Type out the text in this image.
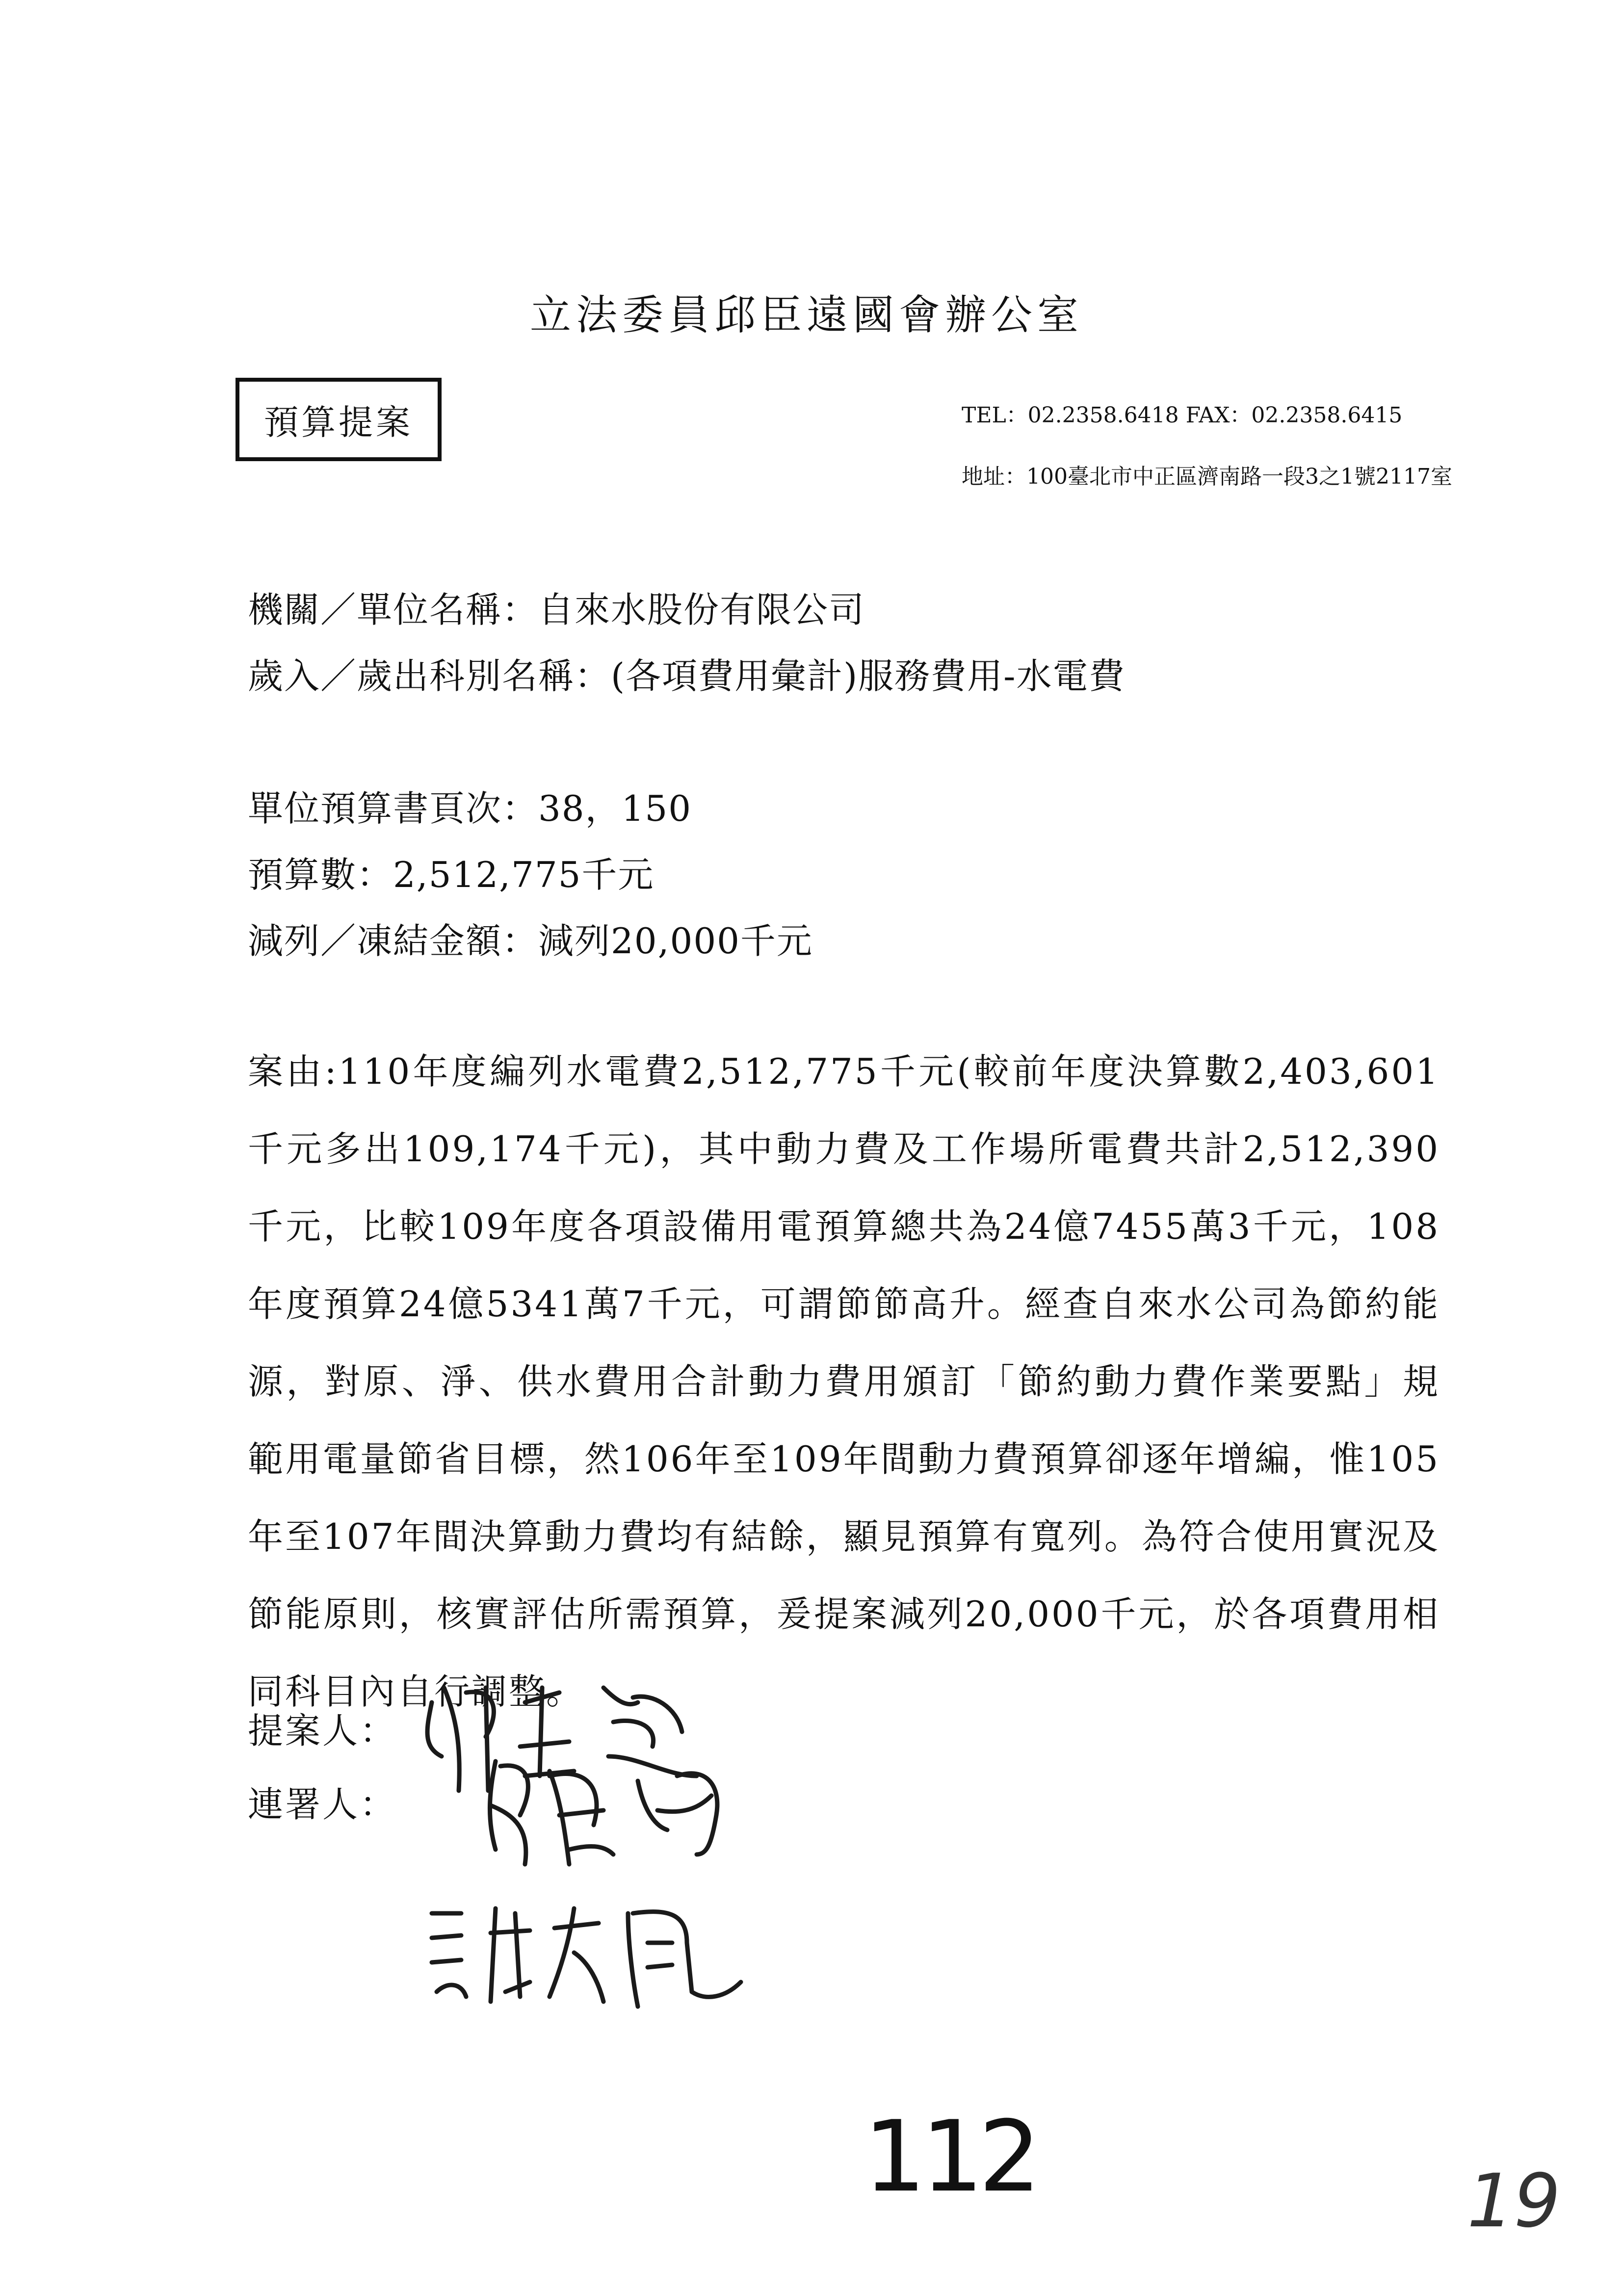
立法委員邱臣遠國會辦公室
預算提案	TEL：02.2358.6418 FAX：02.2358.6415
地址：100臺北市中正區濟南路一段3之1號2117室
機關／單位名稱：自來水股份有限公司
歲入／歲出科別名稱：(各項費用彙計)服務費用-水電費
單位預算書頁次：38，150
預算數：2,512,775千元
減列／凍結金額：減列20,000千元
案由:110年度編列水電費2,512,775千元(較前年度決算數2,403,601千元多出109,174千元)，其中動力費及工作場所電費共計2,512,390千元，比較109年度各項設備用電預算總共為24億7455萬3千元，108年度預算24億5341萬7千元，可謂節節高升。經查自來水公司為節約能源，對原、淨、供水費用合計動力費用頒訂「節約動力費作業要點」規範用電量節省目標，然106年至109年間動力費預算卻逐年增編，惟105年至107年間決算動力費均有結餘，顯見預算有寬列。為符合使用實況及節能原則，核實評估所需預算，爰提案減列20,000千元，於各項費用相同科目內自行調整。
提案人：
連署人：
112	19
